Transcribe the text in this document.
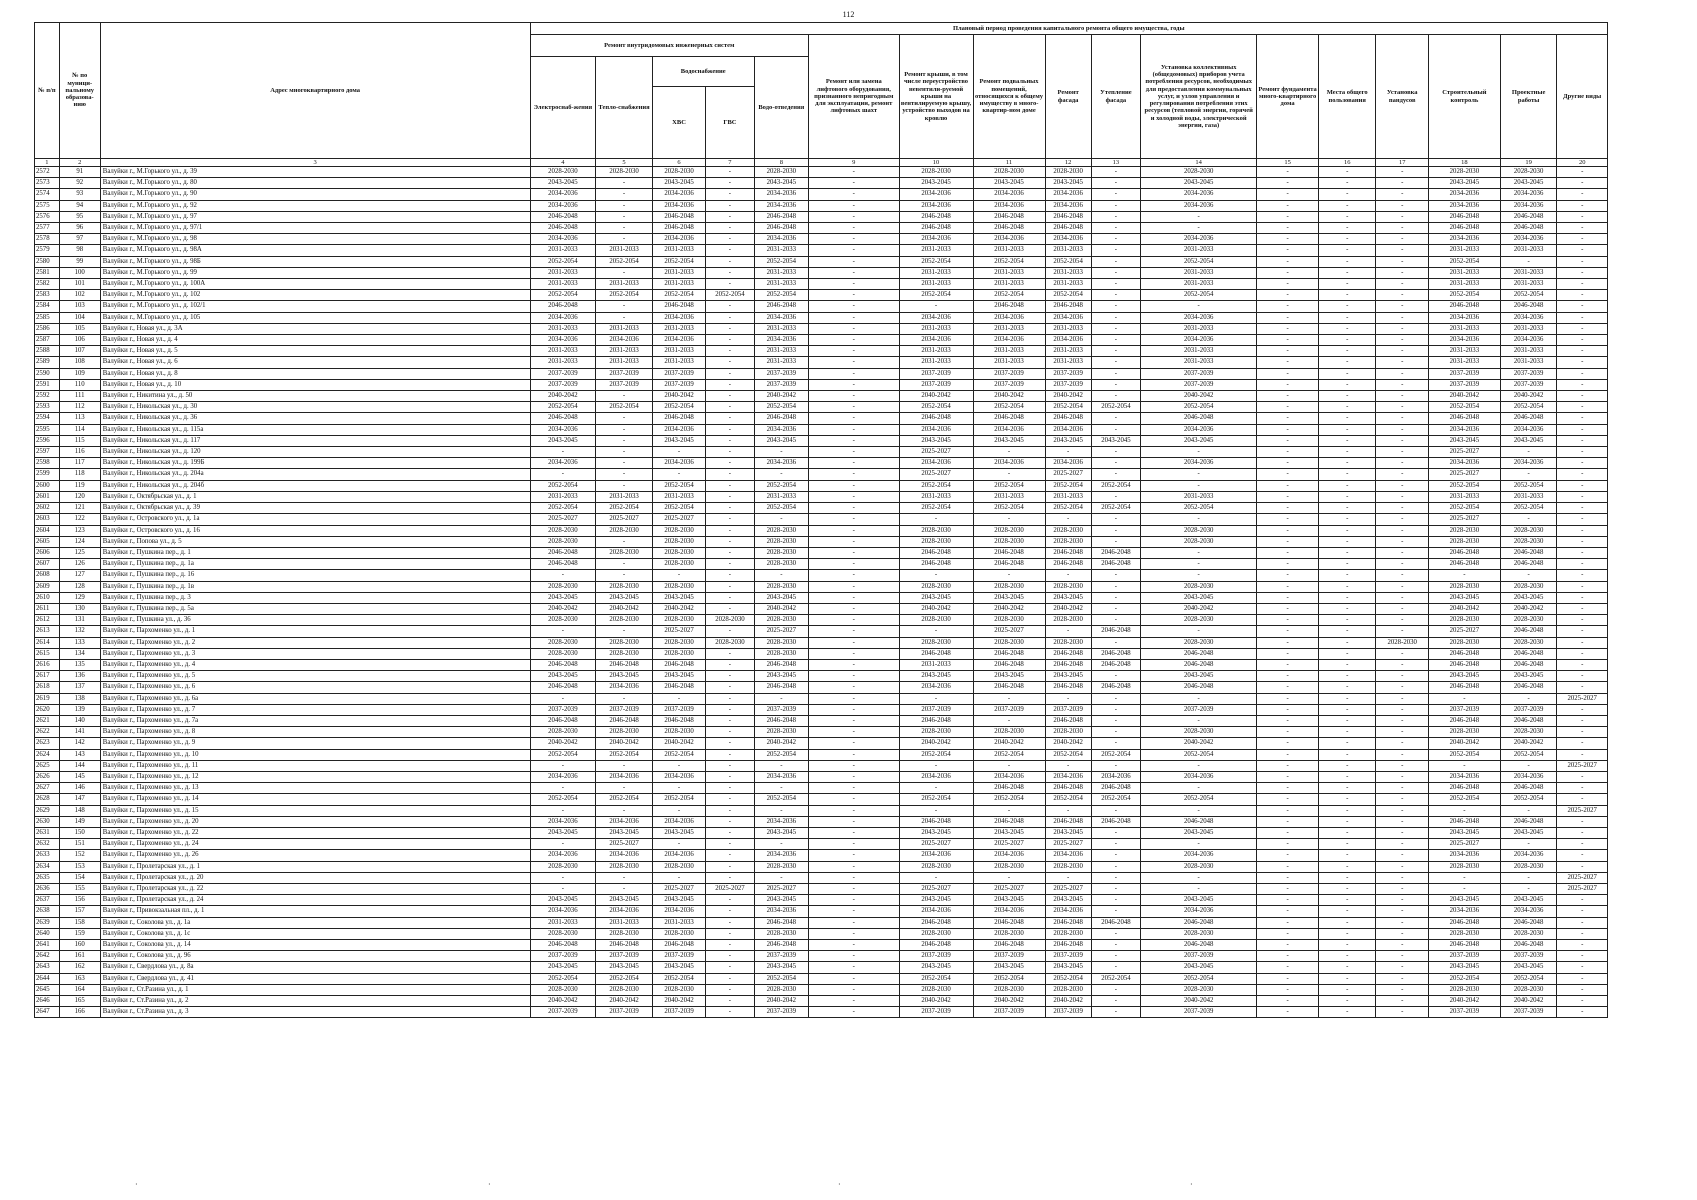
112
№ п/п	№ по муници-пальному образова-нию	Адрес многоквартирного дома	Плановый период проведения капитального ремонта общего имущества, годы																
			Ремонт внутридомовых инженерных систем					Ремонт или замена лифтового оборудования, признанного непригодным для эксплуатации, ремонт лифтовых шахт	Ремонт крыши, в том числе переустройство невентили-руемой крыши на вентилируемую крышу, устройство выходов на кровлю	Ремонт подвальных помещений, относящихся к общему имуществу в много-квартир-ном доме	Ремонт фасада	Утепление фасада	Установка коллективных (общедомовых) приборов учета потребления ресурсов, необходимых для предоставления коммунальных услуг, и узлов управления и регулирования потребления этих ресурсов (тепловой энергии, горячей и холодной воды, электрической энергии, газа)	Ремонт фундамента много-квартирного дома	Места общего пользования	Установка пандусов	Строительный контроль	Проектные работы	Другие виды
			Электроснаб-жения	Тепло-снабжения	Водоснабжение		Водо-отведения												
					ХВС	ГВС													
1	2	3	4	5	6	7	8	9	10	11	12	13	14	15	16	17	18	19	20
2572	91	Валуйки г., М.Горького ул., д. 39	2028-2030	2028-2030	2028-2030	-	2028-2030	-	2028-2030	2028-2030	2028-2030	-	2028-2030	-	-	-	2028-2030	2028-2030	-
2573	92	Валуйки г., М.Горького ул., д. 80	2043-2045	-	2043-2045	-	2043-2045	-	2043-2045	2043-2045	2043-2045	-	2043-2045	-	-	-	2043-2045	2043-2045	-
2574	93	Валуйки г., М.Горького ул., д. 90	2034-2036	-	2034-2036	-	2034-2036	-	2034-2036	2034-2036	2034-2036	-	2034-2036	-	-	-	2034-2036	2034-2036	-
2575	94	Валуйки г., М.Горького ул., д. 92	2034-2036	-	2034-2036	-	2034-2036	-	2034-2036	2034-2036	2034-2036	-	2034-2036	-	-	-	2034-2036	2034-2036	-
2576	95	Валуйки г., М.Горького ул., д. 97	2046-2048	-	2046-2048	-	2046-2048	-	2046-2048	2046-2048	2046-2048	-	-	-	-	-	2046-2048	2046-2048	-
2577	96	Валуйки г., М.Горького ул., д. 97/1	2046-2048	-	2046-2048	-	2046-2048	-	2046-2048	2046-2048	2046-2048	-	-	-	-	-	2046-2048	2046-2048	-
2578	97	Валуйки г., М.Горького ул., д. 98	2034-2036	-	2034-2036	-	2034-2036	-	2034-2036	2034-2036	2034-2036	-	2034-2036	-	-	-	2034-2036	2034-2036	-
2579	98	Валуйки г., М.Горького ул., д. 98А	2031-2033	2031-2033	2031-2033	-	2031-2033	-	2031-2033	2031-2033	2031-2033	-	2031-2033	-	-	-	2031-2033	2031-2033	-
2580	99	Валуйки г., М.Горького ул., д. 98Б	2052-2054	2052-2054	2052-2054	-	2052-2054	-	2052-2054	2052-2054	2052-2054	-	2052-2054	-	-	-	2052-2054	-	-
2581	100	Валуйки г., М.Горького ул., д. 99	2031-2033	-	2031-2033	-	2031-2033	-	2031-2033	2031-2033	2031-2033	-	2031-2033	-	-	-	2031-2033	2031-2033	-
2582	101	Валуйки г., М.Горького ул., д. 100А	2031-2033	2031-2033	2031-2033	-	2031-2033	-	2031-2033	2031-2033	2031-2033	-	2031-2033	-	-	-	2031-2033	2031-2033	-
2583	102	Валуйки г., М.Горького ул., д. 102	2052-2054	2052-2054	2052-2054	2052-2054	2052-2054	-	2052-2054	2052-2054	2052-2054	-	2052-2054	-	-	-	2052-2054	2052-2054	-
2584	103	Валуйки г., М.Горького ул., д. 102/1	2046-2048	-	2046-2048	-	2046-2048	-	-	2046-2048	2046-2048	-	-	-	-	-	2046-2048	2046-2048	-
2585	104	Валуйки г., М.Горького ул., д. 105	2034-2036	-	2034-2036	-	2034-2036	-	2034-2036	2034-2036	2034-2036	-	2034-2036	-	-	-	2034-2036	2034-2036	-
2586	105	Валуйки г., Новая ул., д. 3А	2031-2033	2031-2033	2031-2033	-	2031-2033	-	2031-2033	2031-2033	2031-2033	-	2031-2033	-	-	-	2031-2033	2031-2033	-
2587	106	Валуйки г., Новая ул., д. 4	2034-2036	2034-2036	2034-2036	-	2034-2036	-	2034-2036	2034-2036	2034-2036	-	2034-2036	-	-	-	2034-2036	2034-2036	-
2588	107	Валуйки г., Новая ул., д. 5	2031-2033	2031-2033	2031-2033	-	2031-2033	-	2031-2033	2031-2033	2031-2033	-	2031-2033	-	-	-	2031-2033	2031-2033	-
2589	108	Валуйки г., Новая ул., д. 6	2031-2033	2031-2033	2031-2033	-	2031-2033	-	2031-2033	2031-2033	2031-2033	-	2031-2033	-	-	-	2031-2033	2031-2033	-
2590	109	Валуйки г., Новая ул., д. 8	2037-2039	2037-2039	2037-2039	-	2037-2039	-	2037-2039	2037-2039	2037-2039	-	2037-2039	-	-	-	2037-2039	2037-2039	-
2591	110	Валуйки г., Новая ул., д. 10	2037-2039	2037-2039	2037-2039	-	2037-2039	-	2037-2039	2037-2039	2037-2039	-	2037-2039	-	-	-	2037-2039	2037-2039	-
2592	111	Валуйки г., Никитина ул., д. 50	2040-2042	-	2040-2042	-	2040-2042	-	2040-2042	2040-2042	2040-2042	-	2040-2042	-	-	-	2040-2042	2040-2042	-
2593	112	Валуйки г., Никольская ул., д. 30	2052-2054	2052-2054	2052-2054	-	2052-2054	-	2052-2054	2052-2054	2052-2054	2052-2054	2052-2054	-	-	-	2052-2054	2052-2054	-
2594	113	Валуйки г., Никольская ул., д. 36	2046-2048	-	2046-2048	-	2046-2048	-	2046-2048	2046-2048	2046-2048	-	2046-2048	-	-	-	2046-2048	2046-2048	-
2595	114	Валуйки г., Никольская ул., д. 115а	2034-2036	-	2034-2036	-	2034-2036	-	2034-2036	2034-2036	2034-2036	-	2034-2036	-	-	-	2034-2036	2034-2036	-
2596	115	Валуйки г., Никольская ул., д. 117	2043-2045	-	2043-2045	-	2043-2045	-	2043-2045	2043-2045	2043-2045	2043-2045	2043-2045	-	-	-	2043-2045	2043-2045	-
2597	116	Валуйки г., Никольская ул., д. 120	-	-	-	-	-	-	2025-2027	-	-	-	-	-	-	-	2025-2027	-	-
2598	117	Валуйки г., Никольская ул., д. 199Б	2034-2036	-	2034-2036	-	2034-2036	-	2034-2036	2034-2036	2034-2036	-	2034-2036	-	-	-	2034-2036	2034-2036	-
2599	118	Валуйки г., Никольская ул., д. 204а	-	-	-	-	-	-	2025-2027	-	2025-2027	-	-	-	-	-	2025-2027	-	-
2600	119	Валуйки г., Никольская ул., д. 204б	2052-2054	-	2052-2054	-	2052-2054	-	2052-2054	2052-2054	2052-2054	2052-2054	-	-	-	-	2052-2054	2052-2054	-
2601	120	Валуйки г., Октябрьская ул., д. 1	2031-2033	2031-2033	2031-2033	-	2031-2033	-	2031-2033	2031-2033	2031-2033	-	2031-2033	-	-	-	2031-2033	2031-2033	-
2602	121	Валуйки г., Октябрьская ул., д. 39	2052-2054	2052-2054	2052-2054	-	2052-2054	-	2052-2054	2052-2054	2052-2054	2052-2054	2052-2054	-	-	-	2052-2054	2052-2054	-
2603	122	Валуйки г., Островского ул., д. 1а	2025-2027	2025-2027	2025-2027	-	-	-	-	-	-	-	-	-	-	-	2025-2027	-	-
2604	123	Валуйки г., Островского ул., д. 16	2028-2030	2028-2030	2028-2030	-	2028-2030	-	2028-2030	2028-2030	2028-2030	-	2028-2030	-	-	-	2028-2030	2028-2030	-
2605	124	Валуйки г., Попова ул., д. 5	2028-2030	-	2028-2030	-	2028-2030	-	2028-2030	2028-2030	2028-2030	-	2028-2030	-	-	-	2028-2030	2028-2030	-
2606	125	Валуйки г., Пушкина пер., д. 1	2046-2048	2028-2030	2028-2030	-	2028-2030	-	2046-2048	2046-2048	2046-2048	2046-2048	-	-	-	-	2046-2048	2046-2048	-
2607	126	Валуйки г., Пушкина пер., д. 1а	2046-2048	-	2028-2030	-	2028-2030	-	2046-2048	2046-2048	2046-2048	2046-2048	-	-	-	-	2046-2048	2046-2048	-
2608	127	Валуйки г., Пушкина пер., д. 16	-	-	-	-	-	-	-	-	-	-	-	-	-	-	-	-	-
2609	128	Валуйки г., Пушкина пер., д. 1в	2028-2030	2028-2030	2028-2030	-	2028-2030	-	2028-2030	2028-2030	2028-2030	-	2028-2030	-	-	-	2028-2030	2028-2030	-
2610	129	Валуйки г., Пушкина пер., д. 3	2043-2045	2043-2045	2043-2045	-	2043-2045	-	2043-2045	2043-2045	2043-2045	-	2043-2045	-	-	-	2043-2045	2043-2045	-
2611	130	Валуйки г., Пушкина пер., д. 5а	2040-2042	2040-2042	2040-2042	-	2040-2042	-	2040-2042	2040-2042	2040-2042	-	2040-2042	-	-	-	2040-2042	2040-2042	-
2612	131	Валуйки г., Пушкина ул., д. 36	2028-2030	2028-2030	2028-2030	2028-2030	2028-2030	-	2028-2030	2028-2030	2028-2030	-	2028-2030	-	-	-	2028-2030	2028-2030	-
2613	132	Валуйки г., Пархоменко ул., д. 1	-	-	2025-2027	-	2025-2027	-	-	2025-2027	-	2046-2048	-	-	-	-	2025-2027	2046-2048	-
2614	133	Валуйки г., Пархоменко ул., д. 2	2028-2030	2028-2030	2028-2030	2028-2030	2028-2030	-	2028-2030	2028-2030	2028-2030	-	2028-2030	-	-	2028-2030	2028-2030	2028-2030	-
2615	134	Валуйки г., Пархоменко ул., д. 3	2028-2030	2028-2030	2028-2030	-	2028-2030	-	2046-2048	2046-2048	2046-2048	2046-2048	2046-2048	-	-	-	2046-2048	2046-2048	-
2616	135	Валуйки г., Пархоменко ул., д. 4	2046-2048	2046-2048	2046-2048	-	2046-2048	-	2031-2033	2046-2048	2046-2048	2046-2048	2046-2048	-	-	-	2046-2048	2046-2048	-
2617	136	Валуйки г., Пархоменко ул., д. 5	2043-2045	2043-2045	2043-2045	-	2043-2045	-	2043-2045	2043-2045	2043-2045	-	2043-2045	-	-	-	2043-2045	2043-2045	-
2618	137	Валуйки г., Пархоменко ул., д. 6	2046-2048	2034-2036	2046-2048	-	2046-2048	-	2034-2036	2046-2048	2046-2048	2046-2048	2046-2048	-	-	-	2046-2048	2046-2048	-
2619	138	Валуйки г., Пархоменко ул., д. 6а	-	-	-	-	-	-	-	-	-	-	-	-	-	-	-	-	2025-2027
2620	139	Валуйки г., Пархоменко ул., д. 7	2037-2039	2037-2039	2037-2039	-	2037-2039	-	2037-2039	2037-2039	2037-2039	-	2037-2039	-	-	-	2037-2039	2037-2039	-
2621	140	Валуйки г., Пархоменко ул., д. 7а	2046-2048	2046-2048	2046-2048	-	2046-2048	-	2046-2048	-	2046-2048	-	-	-	-	-	2046-2048	2046-2048	-
2622	141	Валуйки г., Пархоменко ул., д. 8	2028-2030	2028-2030	2028-2030	-	2028-2030	-	2028-2030	2028-2030	2028-2030	-	2028-2030	-	-	-	2028-2030	2028-2030	-
2623	142	Валуйки г., Пархоменко ул., д. 9	2040-2042	2040-2042	2040-2042	-	2040-2042	-	2040-2042	2040-2042	2040-2042	-	2040-2042	-	-	-	2040-2042	2040-2042	-
2624	143	Валуйки г., Пархоменко ул., д. 10	2052-2054	2052-2054	2052-2054	-	2052-2054	-	2052-2054	2052-2054	2052-2054	2052-2054	2052-2054	-	-	-	2052-2054	2052-2054	-
2625	144	Валуйки г., Пархоменко ул., д. 11	-	-	-	-	-	-	-	-	-	-	-	-	-	-	-	-	2025-2027
2626	145	Валуйки г., Пархоменко ул., д. 12	2034-2036	2034-2036	2034-2036	-	2034-2036	-	2034-2036	2034-2036	2034-2036	2034-2036	2034-2036	-	-	-	2034-2036	2034-2036	-
2627	146	Валуйки г., Пархоменко ул., д. 13	-	-	-	-	-	-	-	2046-2048	2046-2048	2046-2048	-	-	-	-	2046-2048	2046-2048	-
2628	147	Валуйки г., Пархоменко ул., д. 14	2052-2054	2052-2054	2052-2054	-	2052-2054	-	2052-2054	2052-2054	2052-2054	2052-2054	2052-2054	-	-	-	2052-2054	2052-2054	-
2629	148	Валуйки г., Пархоменко ул., д. 15	-	-	-	-	-	-	-	-	-	-	-	-	-	-	-	-	2025-2027
2630	149	Валуйки г., Пархоменко ул., д. 20	2034-2036	2034-2036	2034-2036	-	2034-2036	-	2046-2048	2046-2048	2046-2048	2046-2048	2046-2048	-	-	-	2046-2048	2046-2048	-
2631	150	Валуйки г., Пархоменко ул., д. 22	2043-2045	2043-2045	2043-2045	-	2043-2045	-	2043-2045	2043-2045	2043-2045	-	2043-2045	-	-	-	2043-2045	2043-2045	-
2632	151	Валуйки г., Пархоменко ул., д. 24	-	2025-2027	-	-	-	-	2025-2027	2025-2027	2025-2027	-	-	-	-	-	2025-2027	-	-
2633	152	Валуйки г., Пархоменко ул., д. 26	2034-2036	2034-2036	2034-2036	-	2034-2036	-	2034-2036	2034-2036	2034-2036	-	2034-2036	-	-	-	2034-2036	2034-2036	-
2634	153	Валуйки г., Пролетарская ул., д. 1	2028-2030	2028-2030	2028-2030	-	2028-2030	-	2028-2030	2028-2030	2028-2030	-	2028-2030	-	-	-	2028-2030	2028-2030	-
2635	154	Валуйки г., Пролетарская ул., д. 20	-	-	-	-	-	-	-	-	-	-	-	-	-	-	-	-	2025-2027
2636	155	Валуйки г., Пролетарская ул., д. 22	-	-	2025-2027	2025-2027	2025-2027	-	2025-2027	2025-2027	2025-2027	-	-	-	-	-	-	-	2025-2027
2637	156	Валуйки г., Пролетарская ул., д. 24	2043-2045	2043-2045	2043-2045	-	2043-2045	-	2043-2045	2043-2045	2043-2045	-	2043-2045	-	-	-	2043-2045	2043-2045	-
2638	157	Валуйки г., Привокзальная пл., д. 1	2034-2036	2034-2036	2034-2036	-	2034-2036	-	2034-2036	2034-2036	2034-2036	-	2034-2036	-	-	-	2034-2036	2034-2036	-
2639	158	Валуйки г., Соколова ул., д. 1а	2031-2033	2031-2033	2031-2033	-	2046-2048	-	2046-2048	2046-2048	2046-2048	2046-2048	2046-2048	-	-	-	2046-2048	2046-2048	-
2640	159	Валуйки г., Соколова ул., д. 1с	2028-2030	2028-2030	2028-2030	-	2028-2030	-	2028-2030	2028-2030	2028-2030	-	2028-2030	-	-	-	2028-2030	2028-2030	-
2641	160	Валуйки г., Соколова ул., д. 14	2046-2048	2046-2048	2046-2048	-	2046-2048	-	2046-2048	2046-2048	2046-2048	-	2046-2048	-	-	-	2046-2048	2046-2048	-
2642	161	Валуйки г., Соколова ул., д. 96	2037-2039	2037-2039	2037-2039	-	2037-2039	-	2037-2039	2037-2039	2037-2039	-	2037-2039	-	-	-	2037-2039	2037-2039	-
2643	162	Валуйки г., Свердлова ул., д. 8а	2043-2045	2043-2045	2043-2045	-	2043-2045	-	2043-2045	2043-2045	2043-2045	-	2043-2045	-	-	-	2043-2045	2043-2045	-
2644	163	Валуйки г., Свердлова ул., д. 41	2052-2054	2052-2054	2052-2054	-	2052-2054	-	2052-2054	2052-2054	2052-2054	2052-2054	2052-2054	-	-	-	2052-2054	2052-2054	-
2645	164	Валуйки г., Ст.Разина ул., д. 1	2028-2030	2028-2030	2028-2030	-	2028-2030	-	2028-2030	2028-2030	2028-2030	-	2028-2030	-	-	-	2028-2030	2028-2030	-
2646	165	Валуйки г., Ст.Разина ул., д. 2	2040-2042	2040-2042	2040-2042	-	2040-2042	-	2040-2042	2040-2042	2040-2042	-	2040-2042	-	-	-	2040-2042	2040-2042	-
2647	166	Валуйки г., Ст.Разина ул., д. 3	2037-2039	2037-2039	2037-2039	-	2037-2039	-	2037-2039	2037-2039	2037-2039	-	2037-2039	-	-	-	2037-2039	2037-2039	-
·	·	·	·
